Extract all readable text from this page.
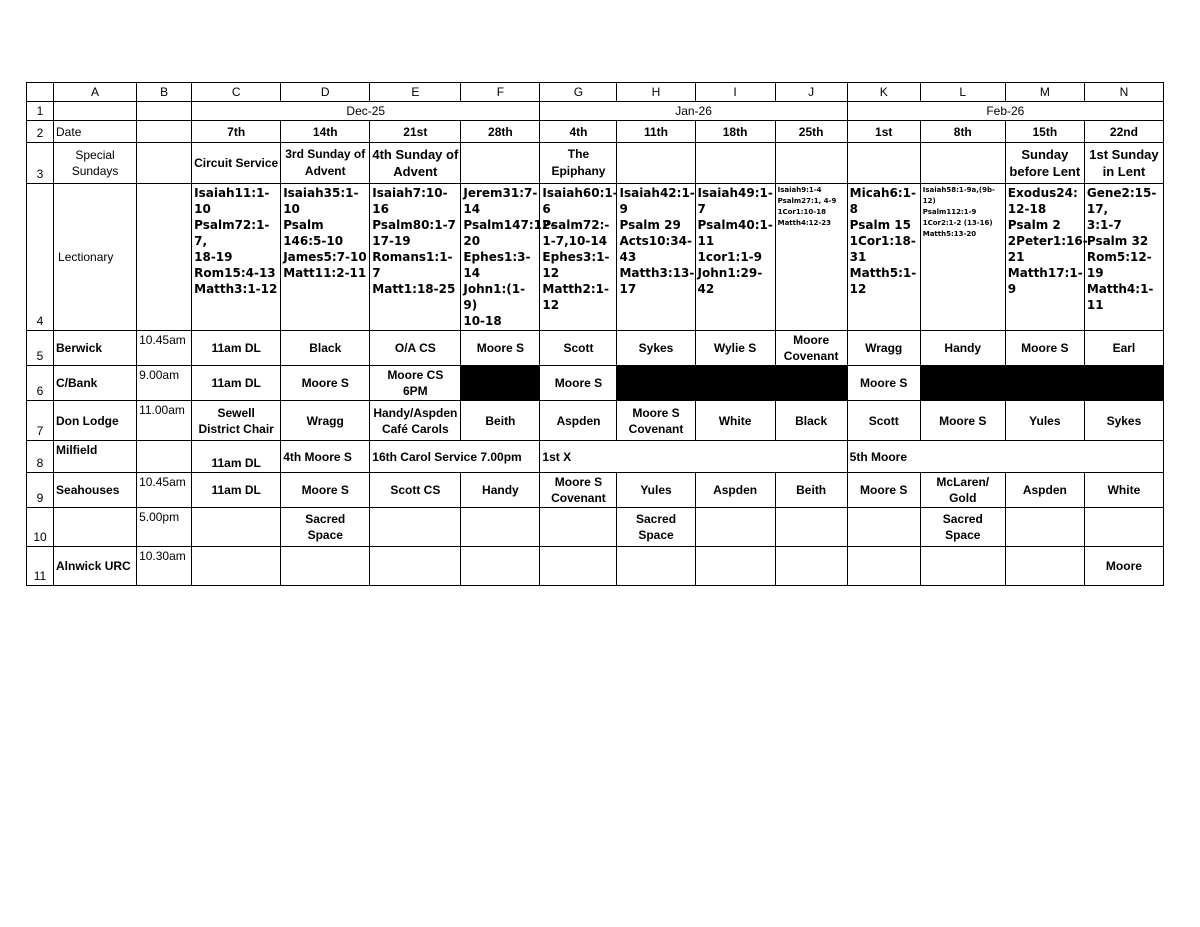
	A	B	C	D	E	F	G	H	I	J	K	L	M	N
1			Dec-25				Jan-26				Feb-26			
2	Date		7th	14th	21st	28th	4th	11th	18th	25th	1st	8th	15th	22nd
3	Special
Sundays		Circuit Service	3rd Sunday of
Advent	4th Sunday of
Advent		The
Epiphany						Sunday
before Lent	1st Sunday
in Lent
4	Lectionary		Isaiah11:1-10
Psalm72:1-7,
18-19
Rom15:4-13
Matth3:1-12	Isaiah35:1-10
Psalm 146:5-10
James5:7-10
Matt11:2-11	Isaiah7:10-16
Psalm80:1-7 17-19
Romans1:1-7
Matt1:18-25	Jerem31:7-14
Psalm147:12-20
Ephes1:3-14
John1:(1-9)
10-18	Isaiah60:1-6
Psalm72:-
1-7,10-14
Ephes3:1-12
Matth2:1-12	Isaiah42:1-9
Psalm 29
Acts10:34-43
Matth3:13-17	Isaiah49:1-7
Psalm40:1-11
1cor1:1-9
John1:29-42	Isaiah9:1-4
Psalm27:1, 4-9
1Cor1:10-18
Matth4:12-23	Micah6:1-8
Psalm 15
1Cor1:18-31
Matth5:1-12	Isaiah58:1-9a,(9b-12)
Psalm112:1-9
1Cor2:1-2 (13-16)
Matth5:13-20	Exodus24: 12-18
Psalm 2
2Peter1:16-21
Matth17:1-9	Gene2:15-17,
3:1-7
Psalm 32
Rom5:12-19
Matth4:1-11
5	Berwick	10.45am	11am DL	Black	O/A CS	Moore S	Scott	Sykes	Wylie S	Moore
Covenant	Wragg	Handy	Moore S	Earl
6	C/Bank	9.00am	11am DL	Moore S	Moore CS
6PM		Moore S				Moore S			
7	Don Lodge	11.00am	Sewell
District Chair	Wragg	Handy/Aspden
Café Carols	Beith	Aspden	Moore S
Covenant	White	Black	Scott	Moore S	Yules	Sykes
8	Milfield		11am DL	4th Moore S	16th Carol Service 7.00pm		1st X				5th Moore			
9	Seahouses	10.45am	11am DL	Moore S	Scott CS	Handy	Moore S
Covenant	Yules	Aspden	Beith	Moore S	McLaren/
Gold	Aspden	White
10		5.00pm		Sacred
Space				Sacred
Space				Sacred
Space		
11	Alnwick URC	10.30am												Moore
